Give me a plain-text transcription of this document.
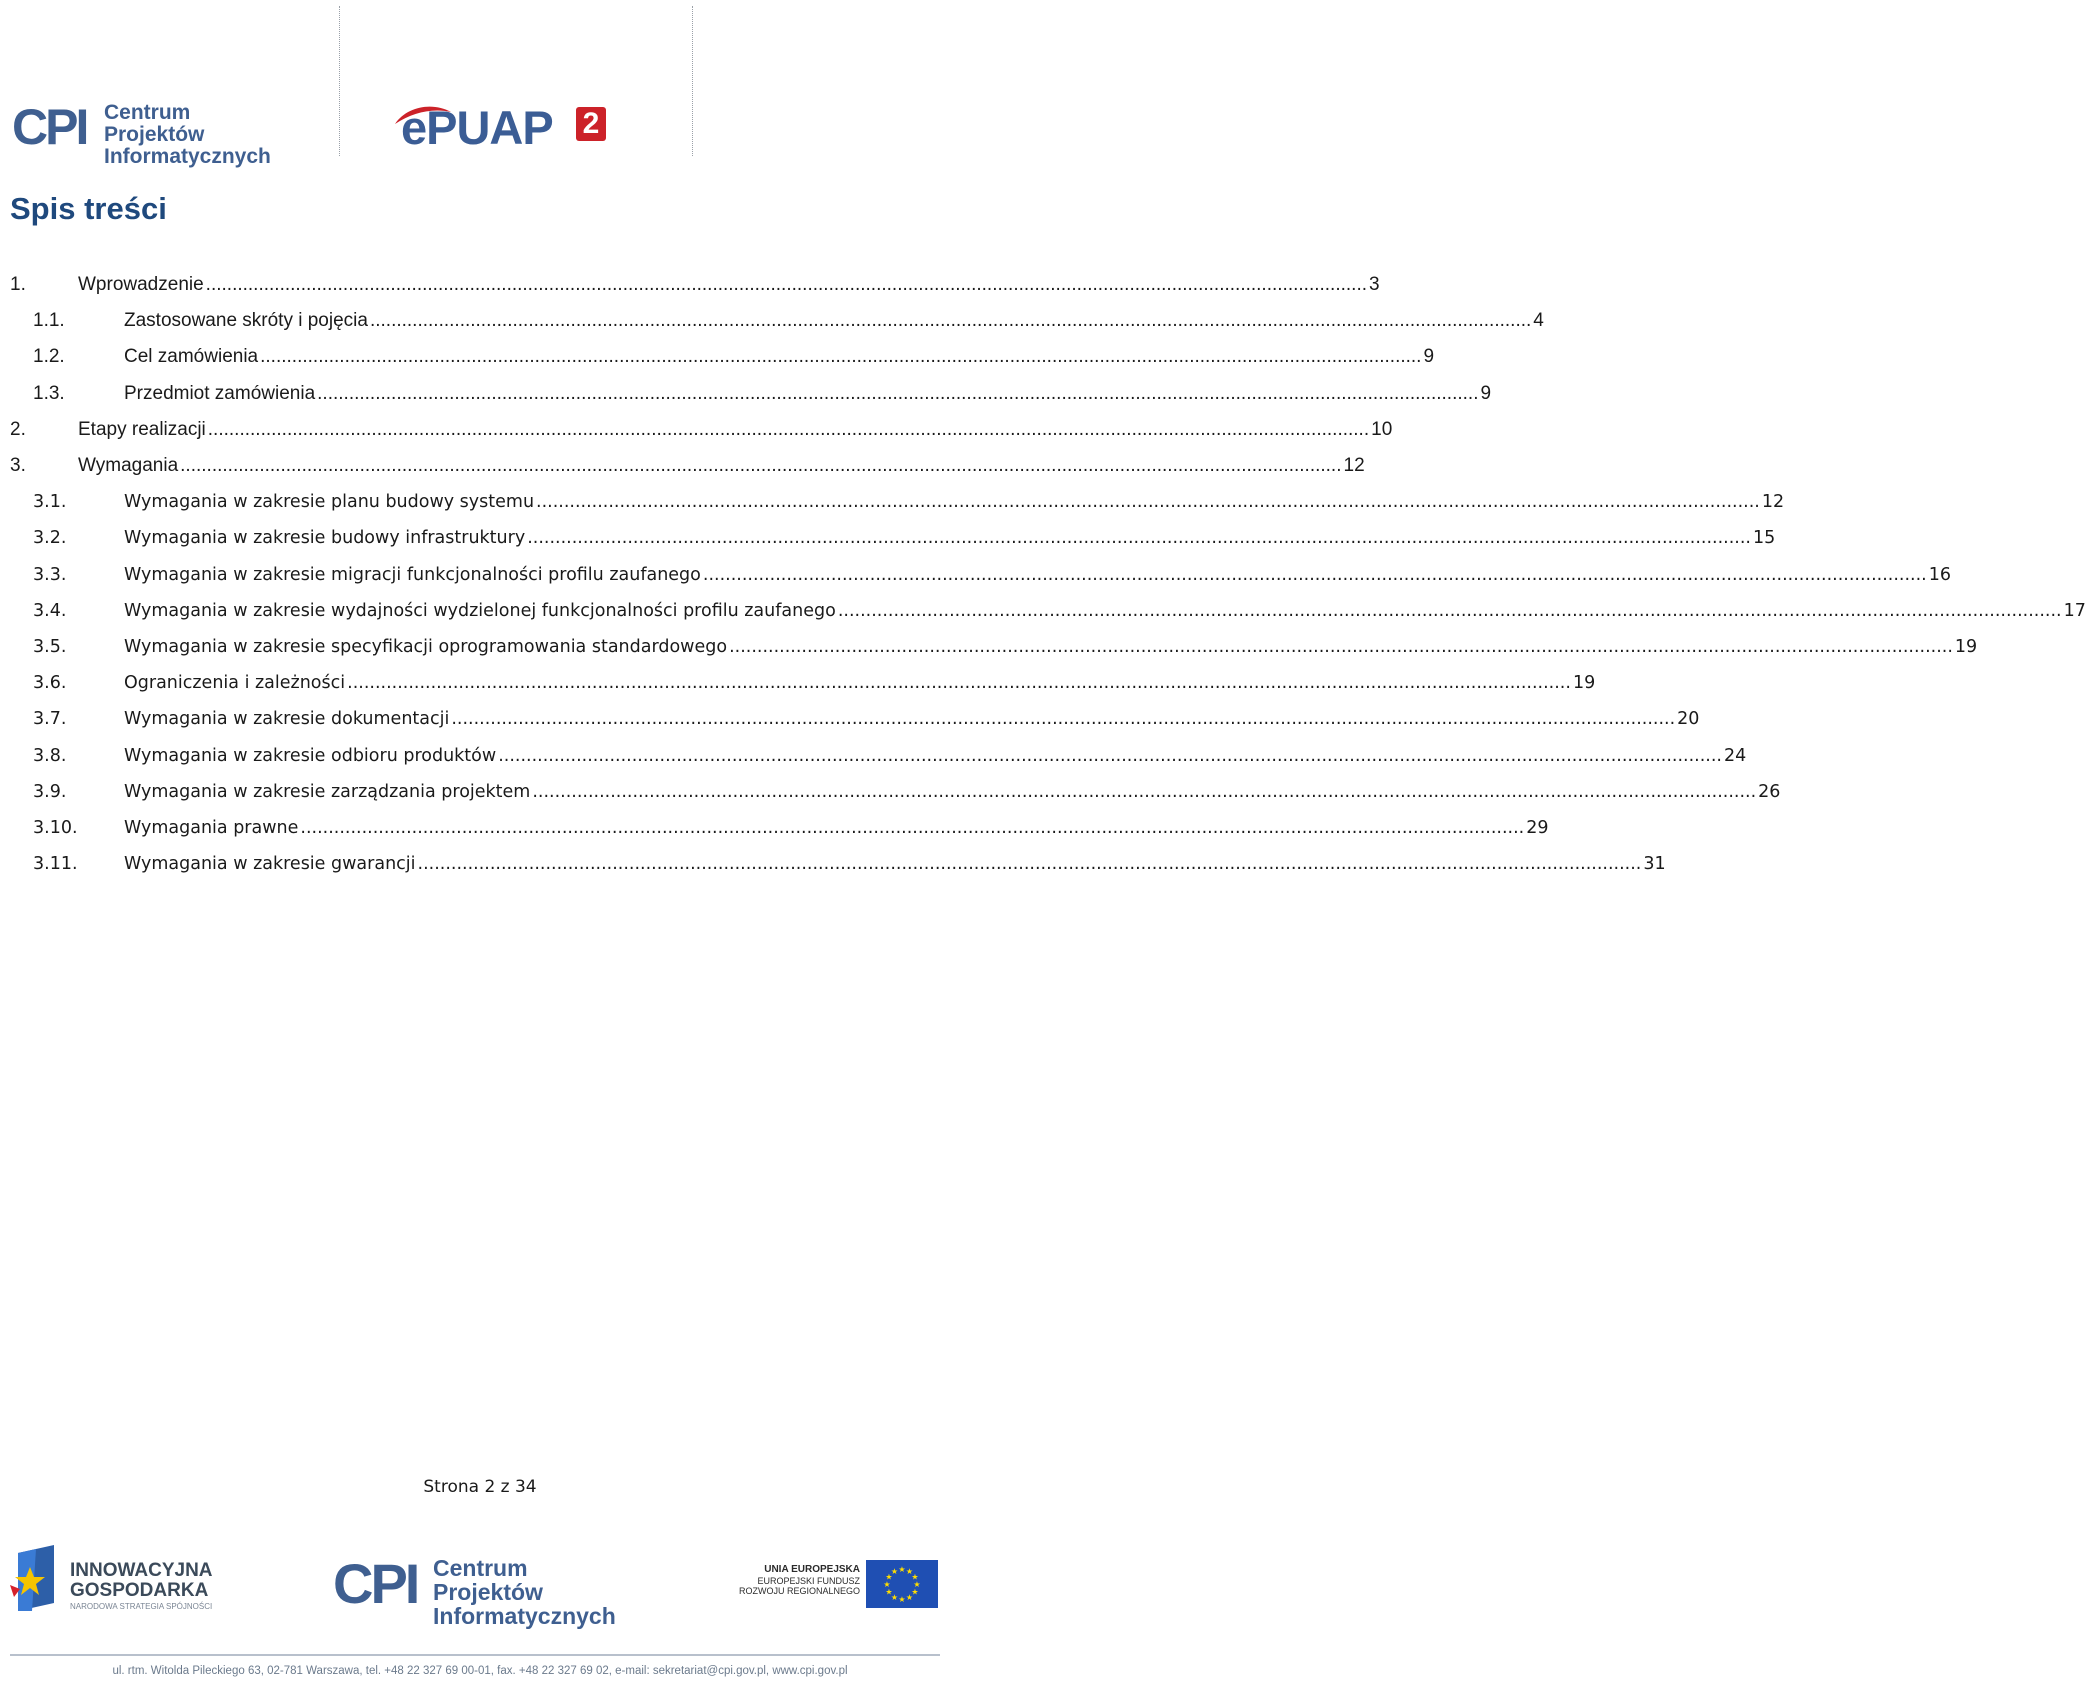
CPI Centrum Projektów
Informatycznych
ePUAP 2
Spis treści
1.	Wprowadzenie ............................................................................................................................................................................................................................ 3
1.1.	Zastosowane skróty i pojęcia ............................................................................................................................................................................................................................ 4
1.2.	Cel zamówienia ............................................................................................................................................................................................................................ 9
1.3.	Przedmiot zamówienia ............................................................................................................................................................................................................................ 9
2.	Etapy realizacji ............................................................................................................................................................................................................................ 10
3.	Wymagania ............................................................................................................................................................................................................................ 12
3.1.	Wymagania w zakresie planu budowy systemu ............................................................................................................................................................................................................................ 12
3.2.	Wymagania w zakresie budowy infrastruktury ............................................................................................................................................................................................................................ 15
3.3.	Wymagania w zakresie migracji funkcjonalności profilu zaufanego ............................................................................................................................................................................................................................ 16
3.4.	Wymagania w zakresie wydajności wydzielonej funkcjonalności profilu zaufanego ............................................................................................................................................................................................................................ 17
3.5.	Wymagania w zakresie specyfikacji oprogramowania standardowego ............................................................................................................................................................................................................................ 19
3.6.	Ograniczenia i zależności ............................................................................................................................................................................................................................ 19
3.7.	Wymagania w zakresie dokumentacji ............................................................................................................................................................................................................................ 20
3.8.	Wymagania w zakresie odbioru produktów ............................................................................................................................................................................................................................ 24
3.9.	Wymagania w zakresie zarządzania projektem ............................................................................................................................................................................................................................ 26
3.10.	Wymagania prawne ............................................................................................................................................................................................................................ 29
3.11.	Wymagania w zakresie gwarancji ............................................................................................................................................................................................................................ 31
Strona 2 z 34
INNOWACYJNA
GOSPODARKA
NARODOWA STRATEGIA SPÓJNOŚCI CPI Centrum Projektów
Informatycznych
UNIA EUROPEJSKA
EUROPEJSKI FUNDUSZ
ROZWOJU REGIONALNEGO
★ ★
★
★
★
★
★
★
★
★
★
★
ul. rtm. Witolda Pileckiego 63, 02-781 Warszawa, tel. +48 22 327 69 00-01, fax. +48 22 327 69 02, e-mail: sekretariat@cpi.gov.pl, www.cpi.gov.pl
